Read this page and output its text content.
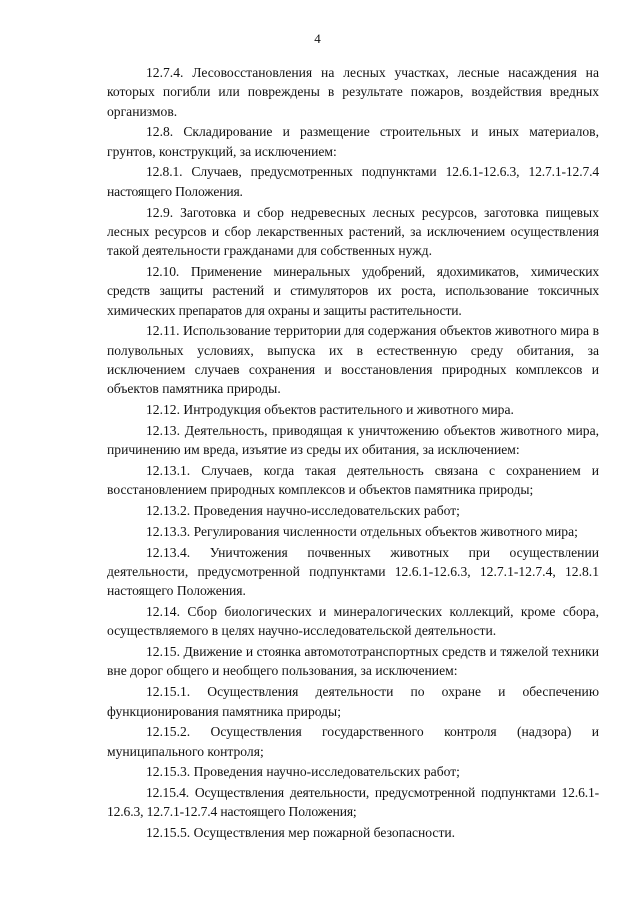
4

12.7.4. Лесовосстановления на лесных участках, лесные насаждения на которых погибли или повреждены в результате пожаров, воздействия вредных организмов.

12.8. Складирование и размещение строительных и иных материалов, грунтов, конструкций, за исключением:

12.8.1. Случаев, предусмотренных подпунктами 12.6.1-12.6.3, 12.7.1-12.7.4 настоящего Положения.

12.9. Заготовка и сбор недревесных лесных ресурсов, заготовка пищевых лесных ресурсов и сбор лекарственных растений, за исключением осуществления такой деятельности гражданами для собственных нужд.

12.10. Применение минеральных удобрений, ядохимикатов, химических средств защиты растений и стимуляторов их роста, использование токсичных химических препаратов для охраны и защиты растительности.

12.11. Использование территории для содержания объектов животного мира в полувольных условиях, выпуска их в естественную среду обитания, за исключением случаев сохранения и восстановления природных комплексов и объектов памятника природы.

12.12. Интродукция объектов растительного и животного мира.

12.13. Деятельность, приводящая к уничтожению объектов животного мира, причинению им вреда, изъятие из среды их обитания, за исключением:

12.13.1. Случаев, когда такая деятельность связана с сохранением и восстановлением природных комплексов и объектов памятника природы;

12.13.2. Проведения научно-исследовательских работ;

12.13.3. Регулирования численности отдельных объектов животного мира;

12.13.4. Уничтожения почвенных животных при осуществлении деятельности, предусмотренной подпунктами 12.6.1-12.6.3, 12.7.1-12.7.4, 12.8.1 настоящего Положения.

12.14. Сбор биологических и минералогических коллекций, кроме сбора, осуществляемого в целях научно-исследовательской деятельности.

12.15. Движение и стоянка автомототранспортных средств и тяжелой техники вне дорог общего и необщего пользования, за исключением:

12.15.1. Осуществления деятельности по охране и обеспечению функционирования памятника природы;

12.15.2. Осуществления государственного контроля (надзора) и муниципального контроля;

12.15.3. Проведения научно-исследовательских работ;

12.15.4. Осуществления деятельности, предусмотренной подпунктами 12.6.1-12.6.3, 12.7.1-12.7.4 настоящего Положения;

12.15.5. Осуществления мер пожарной безопасности.
